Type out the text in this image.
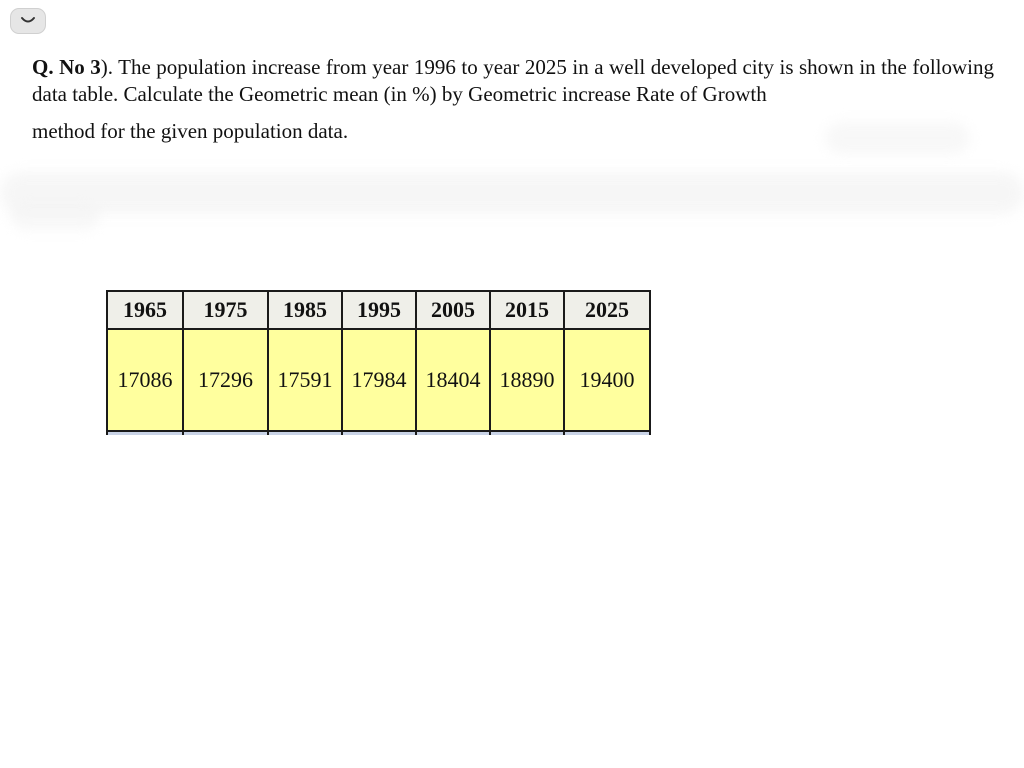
Q. No 3). The population increase from year 1996 to year 2025 in a well developed city is shown in the following data table. Calculate the Geometric mean (in %) by Geometric increase Rate of Growth
method for the given population data.
1965	1975	1985	1995	2005	2015	2025
17086	17296	17591	17984	18404	18890	19400
